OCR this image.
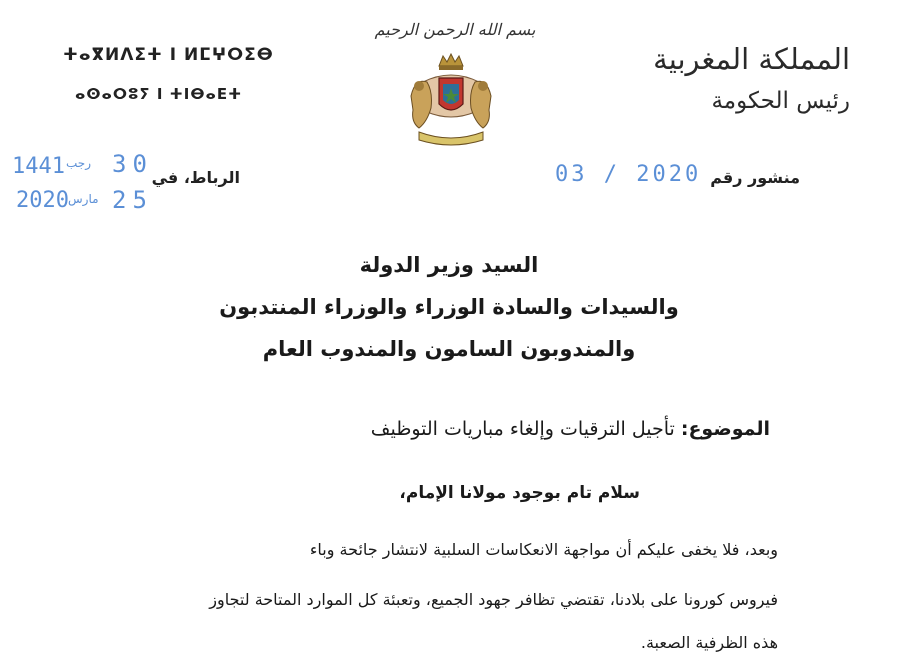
ⵜⴰⴳⵍⴷⵉⵜ ⵏ ⵍⵎⵖⵔⵉⴱ
ⴰⵙⴰⵔⵓⵢ ⵏ ⵜⵏⴱⴰⴹⵜ
بسم الله الرحمن الرحيم
المملكة المغربية
رئيس الحكومة
منشور رقم
03 / 2020
الرباط، في
30
رجب
1441
25
مارس
2020
السيد وزير الدولة
والسيدات والسادة الوزراء والوزراء المنتدبون
والمندوبون السامون والمندوب العام
الموضوع: تأجيل الترقيات وإلغاء مباريات التوظيف
سلام تام بوجود مولانا الإمام،
وبعد، فلا يخفى عليكم أن مواجهة الانعكاسات السلبية لانتشار جائحة وباء
فيروس كورونا على بلادنا، تقتضي تظافر جهود الجميع، وتعبئة كل الموارد المتاحة لتجاوز
هذه الظرفية الصعبة.
